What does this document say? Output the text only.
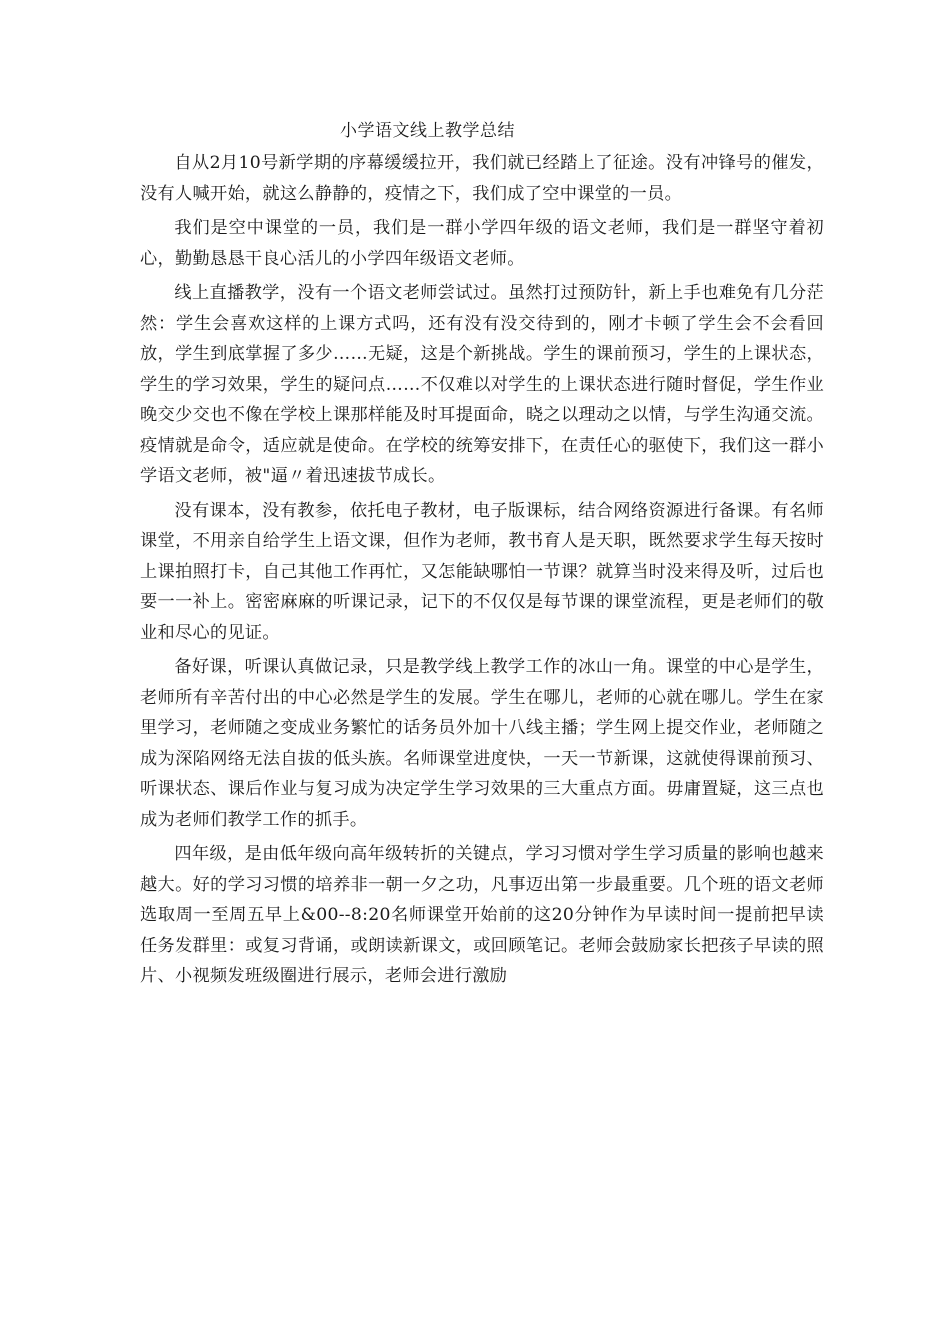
小学语文线上教学总结

自从2月10号新学期的序幕缓缓拉开，我们就已经踏上了征途。没有冲锋号的催发，没有人喊开始，就这么静静的，疫情之下，我们成了空中课堂的一员。

我们是空中课堂的一员，我们是一群小学四年级的语文老师，我们是一群坚守着初心，勤勤恳恳干良心活儿的小学四年级语文老师。

线上直播教学，没有一个语文老师尝试过。虽然打过预防针，新上手也难免有几分茫然：学生会喜欢这样的上课方式吗，还有没有没交待到的，刚才卡顿了学生会不会看回放，学生到底掌握了多少……无疑，这是个新挑战。学生的课前预习，学生的上课状态，学生的学习效果，学生的疑问点……不仅难以对学生的上课状态进行随时督促，学生作业晚交少交也不像在学校上课那样能及时耳提面命，晓之以理动之以情，与学生沟通交流。疫情就是命令，适应就是使命。在学校的统筹安排下，在责任心的驱使下，我们这一群小学语文老师，被"逼〃着迅速拔节成长。

没有课本，没有教参，依托电子教材，电子版课标，结合网络资源进行备课。有名师课堂，不用亲自给学生上语文课，但作为老师，教书育人是天职，既然要求学生每天按时上课拍照打卡，自己其他工作再忙，又怎能缺哪怕一节课？就算当时没来得及听，过后也要一一补上。密密麻麻的听课记录，记下的不仅仅是每节课的课堂流程，更是老师们的敬业和尽心的见证。

备好课，听课认真做记录，只是教学线上教学工作的冰山一角。课堂的中心是学生，老师所有辛苦付出的中心必然是学生的发展。学生在哪儿，老师的心就在哪儿。学生在家里学习，老师随之变成业务繁忙的话务员外加十八线主播；学生网上提交作业，老师随之成为深陷网络无法自拔的低头族。名师课堂进度快，一天一节新课，这就使得课前预习、听课状态、课后作业与复习成为决定学生学习效果的三大重点方面。毋庸置疑，这三点也成为老师们教学工作的抓手。

四年级，是由低年级向高年级转折的关键点，学习习惯对学生学习质量的影响也越来越大。好的学习习惯的培养非一朝一夕之功，凡事迈出第一步最重要。几个班的语文老师选取周一至周五早上&00--8:20名师课堂开始前的这20分钟作为早读时间一提前把早读任务发群里：或复习背诵，或朗读新课文，或回顾笔记。老师会鼓励家长把孩子早读的照片、小视频发班级圈进行展示，老师会进行激励
